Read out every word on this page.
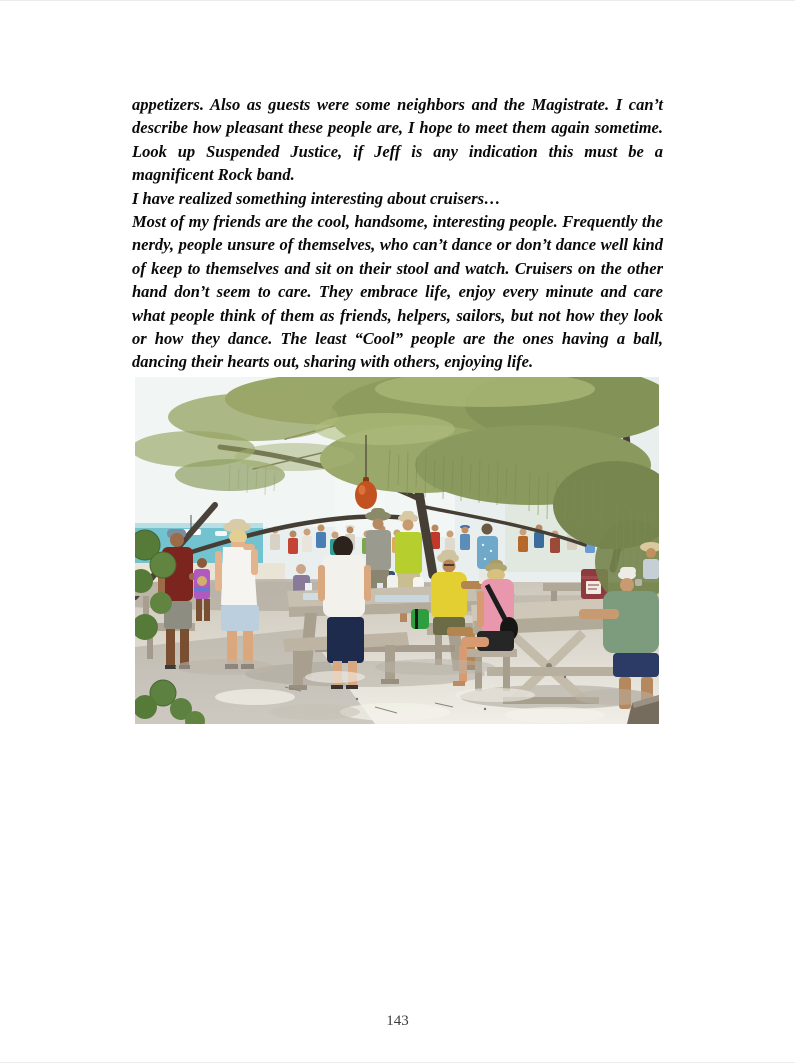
appetizers. Also as guests were some neighbors and the Magistrate. I can’t
describe how pleasant these people are, I hope to meet them again sometime.
Look up Suspended Justice, if Jeff is any indication this must be a
magnificent Rock band.
I have realized something interesting about cruisers…
Most of my friends are the cool, handsome, interesting people. Frequently the
nerdy, people unsure of themselves, who can’t dance or don’t dance well kind
of keep to themselves and sit on their stool and watch. Cruisers on the other
hand don’t seem to care. They embrace life, enjoy every minute and care
what people think of them as friends, helpers, sailors, but not how they look
or how they dance. The least “Cool” people are the ones having a ball,
dancing their hearts out, sharing with others, enjoying life.
143
